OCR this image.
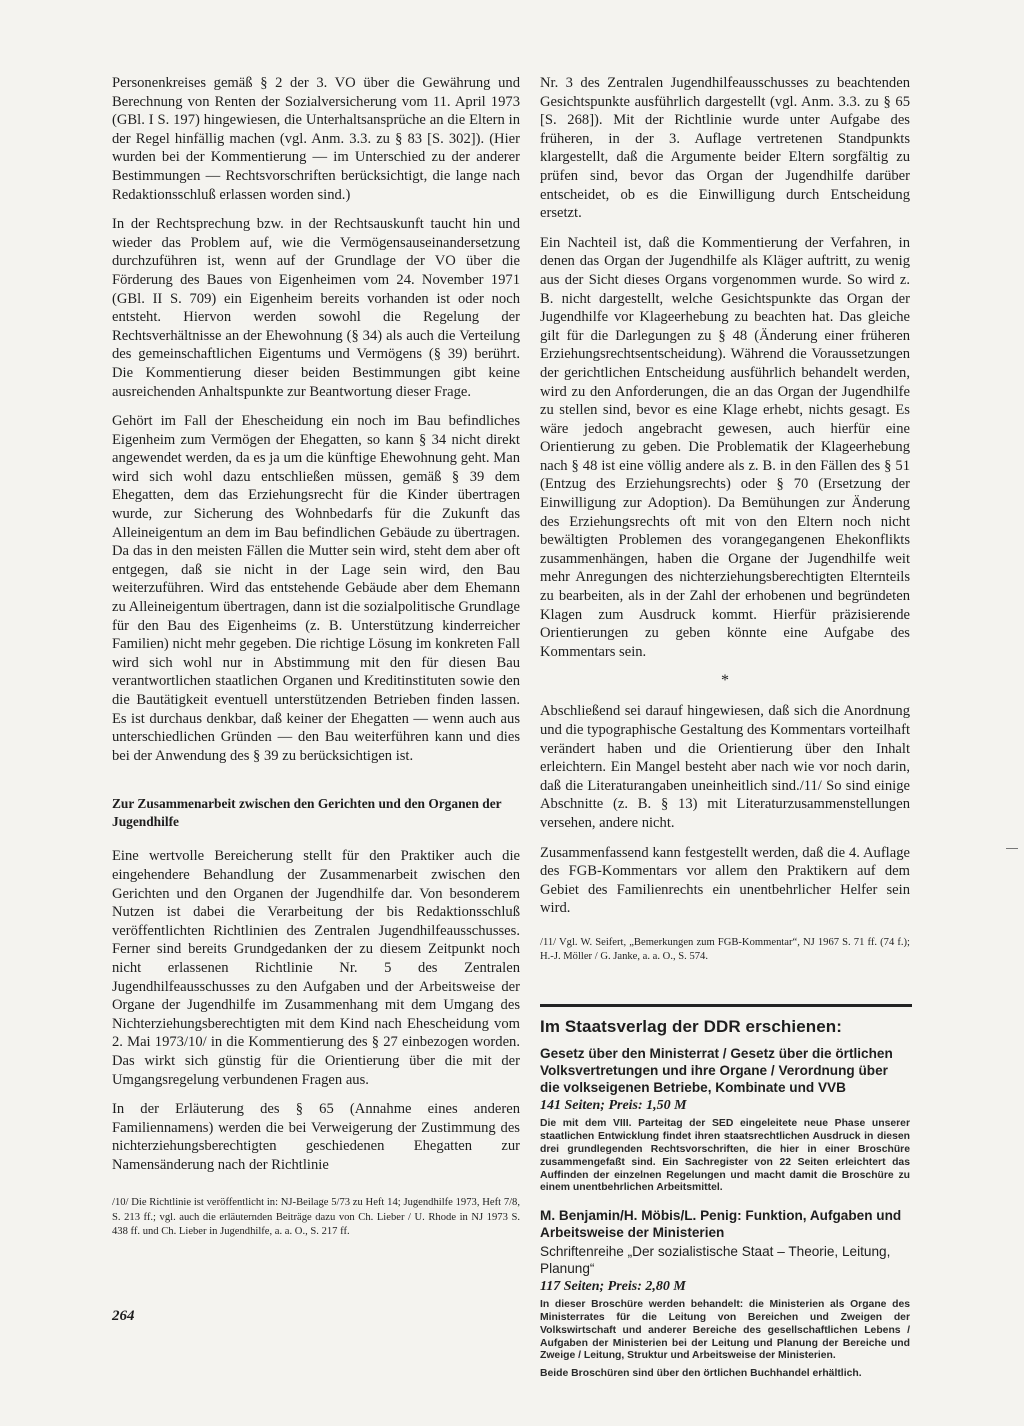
Personenkreises gemäß § 2 der 3. VO über die Gewährung und Berechnung von Renten der Sozialversicherung vom 11. April 1973 (GBl. I S. 197) hingewiesen, die Unterhaltsansprüche an die Eltern in der Regel hinfällig machen (vgl. Anm. 3.3. zu § 83 [S. 302]). (Hier wurden bei der Kommentierung — im Unterschied zu der anderer Bestimmungen — Rechtsvorschriften berücksichtigt, die lange nach Redaktionsschluß erlassen worden sind.)

In der Rechtsprechung bzw. in der Rechtsauskunft taucht hin und wieder das Problem auf, wie die Vermögensauseinandersetzung durchzuführen ist, wenn auf der Grundlage der VO über die Förderung des Baues von Eigenheimen vom 24. November 1971 (GBl. II S. 709) ein Eigenheim bereits vorhanden ist oder noch entsteht. Hiervon werden sowohl die Regelung der Rechtsverhältnisse an der Ehewohnung (§ 34) als auch die Verteilung des gemeinschaftlichen Eigentums und Vermögens (§ 39) berührt. Die Kommentierung dieser beiden Bestimmungen gibt keine ausreichenden Anhaltspunkte zur Beantwortung dieser Frage.

Gehört im Fall der Ehescheidung ein noch im Bau befindliches Eigenheim zum Vermögen der Ehegatten, so kann § 34 nicht direkt angewendet werden, da es ja um die künftige Ehewohnung geht. Man wird sich wohl dazu entschließen müssen, gemäß § 39 dem Ehegatten, dem das Erziehungsrecht für die Kinder übertragen wurde, zur Sicherung des Wohnbedarfs für die Zukunft das Alleineigentum an dem im Bau befindlichen Gebäude zu übertragen. Da das in den meisten Fällen die Mutter sein wird, steht dem aber oft entgegen, daß sie nicht in der Lage sein wird, den Bau weiterzuführen. Wird das entstehende Gebäude aber dem Ehemann zu Alleineigentum übertragen, dann ist die sozialpolitische Grundlage für den Bau des Eigenheims (z. B. Unterstützung kinderreicher Familien) nicht mehr gegeben. Die richtige Lösung im konkreten Fall wird sich wohl nur in Abstimmung mit den für diesen Bau verantwortlichen staatlichen Organen und Kreditinstituten sowie den die Bautätigkeit eventuell unterstützenden Betrieben finden lassen. Es ist durchaus denkbar, daß keiner der Ehegatten — wenn auch aus unterschiedlichen Gründen — den Bau weiterführen kann und dies bei der Anwendung des § 39 zu berücksichtigen ist.

Zur Zusammenarbeit zwischen den Gerichten und den Organen der Jugendhilfe

Eine wertvolle Bereicherung stellt für den Praktiker auch die eingehendere Behandlung der Zusammenarbeit zwischen den Gerichten und den Organen der Jugendhilfe dar. Von besonderem Nutzen ist dabei die Verarbeitung der bis Redaktionsschluß veröffentlichten Richtlinien des Zentralen Jugendhilfeausschusses. Ferner sind bereits Grundgedanken der zu diesem Zeitpunkt noch nicht erlassenen Richtlinie Nr. 5 des Zentralen Jugendhilfeausschusses zu den Aufgaben und der Arbeitsweise der Organe der Jugendhilfe im Zusammenhang mit dem Umgang des Nichterziehungsberechtigten mit dem Kind nach Ehescheidung vom 2. Mai 1973/10/ in die Kommentierung des § 27 einbezogen worden. Das wirkt sich günstig für die Orientierung über die mit der Umgangsregelung verbundenen Fragen aus.

In der Erläuterung des § 65 (Annahme eines anderen Familiennamens) werden die bei Verweigerung der Zustimmung des nichterziehungsberechtigten geschiedenen Ehegatten zur Namensänderung nach der Richtlinie

/10/ Die Richtlinie ist veröffentlicht in: NJ-Beilage 5/73 zu Heft 14; Jugendhilfe 1973, Heft 7/8, S. 213 ff.; vgl. auch die erläuternden Beiträge dazu von Ch. Lieber / U. Rhode in NJ 1973 S. 438 ff. und Ch. Lieber in Jugendhilfe, a. a. O., S. 217 ff.

264

Nr. 3 des Zentralen Jugendhilfeausschusses zu beachtenden Gesichtspunkte ausführlich dargestellt (vgl. Anm. 3.3. zu § 65 [S. 268]). Mit der Richtlinie wurde unter Aufgabe des früheren, in der 3. Auflage vertretenen Standpunkts klargestellt, daß die Argumente beider Eltern sorgfältig zu prüfen sind, bevor das Organ der Jugendhilfe darüber entscheidet, ob es die Einwilligung durch Entscheidung ersetzt.

Ein Nachteil ist, daß die Kommentierung der Verfahren, in denen das Organ der Jugendhilfe als Kläger auftritt, zu wenig aus der Sicht dieses Organs vorgenommen wurde. So wird z. B. nicht dargestellt, welche Gesichtspunkte das Organ der Jugendhilfe vor Klageerhebung zu beachten hat. Das gleiche gilt für die Darlegungen zu § 48 (Änderung einer früheren Erziehungsrechtsentscheidung). Während die Voraussetzungen der gerichtlichen Entscheidung ausführlich behandelt werden, wird zu den Anforderungen, die an das Organ der Jugendhilfe zu stellen sind, bevor es eine Klage erhebt, nichts gesagt. Es wäre jedoch angebracht gewesen, auch hierfür eine Orientierung zu geben. Die Problematik der Klageerhebung nach § 48 ist eine völlig andere als z. B. in den Fällen des § 51 (Entzug des Erziehungsrechts) oder § 70 (Ersetzung der Einwilligung zur Adoption). Da Bemühungen zur Änderung des Erziehungsrechts oft mit von den Eltern noch nicht bewältigten Problemen des vorangegangenen Ehekonflikts zusammenhängen, haben die Organe der Jugendhilfe weit mehr Anregungen des nichterziehungsberechtigten Elternteils zu bearbeiten, als in der Zahl der erhobenen und begründeten Klagen zum Ausdruck kommt. Hierfür präzisierende Orientierungen zu geben könnte eine Aufgabe des Kommentars sein.

*

Abschließend sei darauf hingewiesen, daß sich die Anordnung und die typographische Gestaltung des Kommentars vorteilhaft verändert haben und die Orientierung über den Inhalt erleichtern. Ein Mangel besteht aber nach wie vor noch darin, daß die Literaturangaben uneinheitlich sind./11/ So sind einige Abschnitte (z. B. § 13) mit Literaturzusammenstellungen versehen, andere nicht.

Zusammenfassend kann festgestellt werden, daß die 4. Auflage des FGB-Kommentars vor allem den Praktikern auf dem Gebiet des Familienrechts ein unentbehrlicher Helfer sein wird.

/11/ Vgl. W. Seifert, „Bemerkungen zum FGB-Kommentar“, NJ 1967 S. 71 ff. (74 f.); H.-J. Möller / G. Janke, a. a. O., S. 574.

Im Staatsverlag der DDR erschienen:
Gesetz über den Ministerrat / Gesetz über die örtlichen Volksvertretungen und ihre Organe / Verordnung über die volkseigenen Betriebe, Kombinate und VVB
141 Seiten; Preis: 1,50 M
Die mit dem VIII. Parteitag der SED eingeleitete neue Phase unserer staatlichen Entwicklung findet ihren staatsrechtlichen Ausdruck in diesen drei grundlegenden Rechtsvorschriften, die hier in einer Broschüre zusammengefaßt sind. Ein Sachregister von 22 Seiten erleichtert das Auffinden der einzelnen Regelungen und macht damit die Broschüre zu einem unentbehrlichen Arbeitsmittel.
M. Benjamin/H. Möbis/L. Penig: Funktion, Aufgaben und Arbeitsweise der Ministerien
Schriftenreihe „Der sozialistische Staat – Theorie, Leitung, Planung“
117 Seiten; Preis: 2,80 M
In dieser Broschüre werden behandelt: die Ministerien als Organe des Ministerrates für die Leitung von Bereichen und Zweigen der Volkswirtschaft und anderer Bereiche des gesellschaftlichen Lebens / Aufgaben der Ministerien bei der Leitung und Planung der Bereiche und Zweige / Leitung, Struktur und Arbeitsweise der Ministerien.
Beide Broschüren sind über den örtlichen Buchhandel erhältlich.
